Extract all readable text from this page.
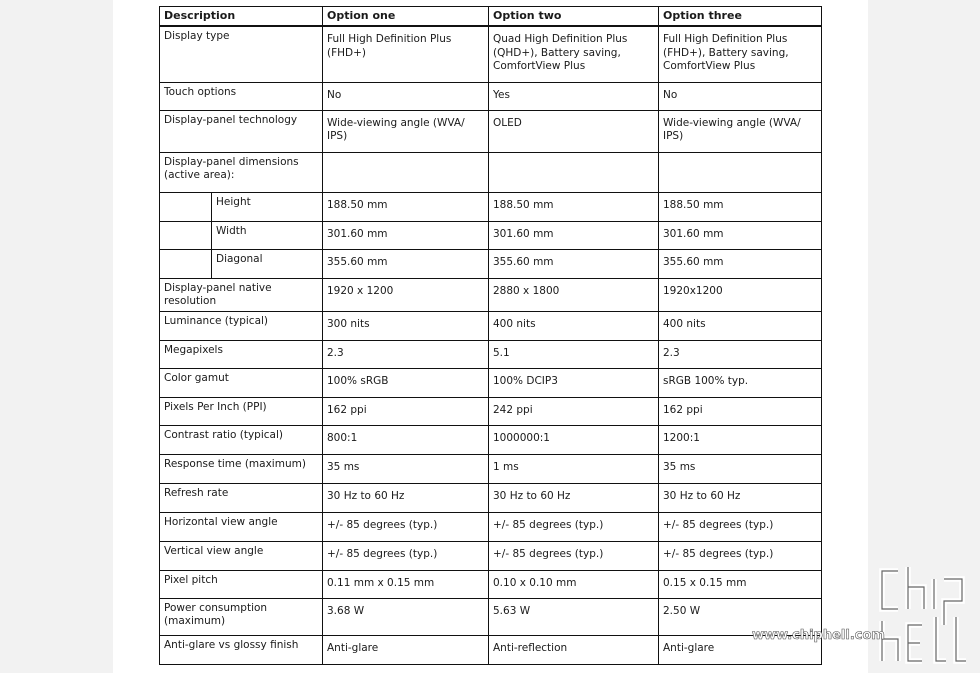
Description		Option one	Option two	Option three
Display type		Full High Definition Plus (FHD+)	Quad High Definition Plus (QHD+), Battery saving, ComfortView Plus	Full High Definition Plus (FHD+), Battery saving, ComfortView Plus
Touch options		No	Yes	No
Display-panel technology		Wide-viewing angle (WVA/ IPS)	OLED	Wide-viewing angle (WVA/ IPS)
Display-panel dimensions (active area):				
	Height	188.50 mm	188.50 mm	188.50 mm
	Width	301.60 mm	301.60 mm	301.60 mm
	Diagonal	355.60 mm	355.60 mm	355.60 mm
Display-panel native resolution		1920 x 1200	2880 x 1800	1920x1200
Luminance (typical)		300 nits	400 nits	400 nits
Megapixels		2.3	5.1	2.3
Color gamut		100% sRGB	100% DCIP3	sRGB 100% typ.
Pixels Per Inch (PPI)		162 ppi	242 ppi	162 ppi
Contrast ratio (typical)		800:1	1000000:1	1200:1
Response time (maximum)		35 ms	1 ms	35 ms
Refresh rate		30 Hz to 60 Hz	30 Hz to 60 Hz	30 Hz to 60 Hz
Horizontal view angle		+/- 85 degrees (typ.)	+/- 85 degrees (typ.)	+/- 85 degrees (typ.)
Vertical view angle		+/- 85 degrees (typ.)	+/- 85 degrees (typ.)	+/- 85 degrees (typ.)
Pixel pitch		0.11 mm x 0.15 mm	0.10 x 0.10 mm	0.15 x 0.15 mm
Power consumption (maximum)		3.68 W	5.63 W	2.50 W
Anti-glare vs glossy finish		Anti-glare	Anti-reflection	Anti-glare
www.chiphell.com
